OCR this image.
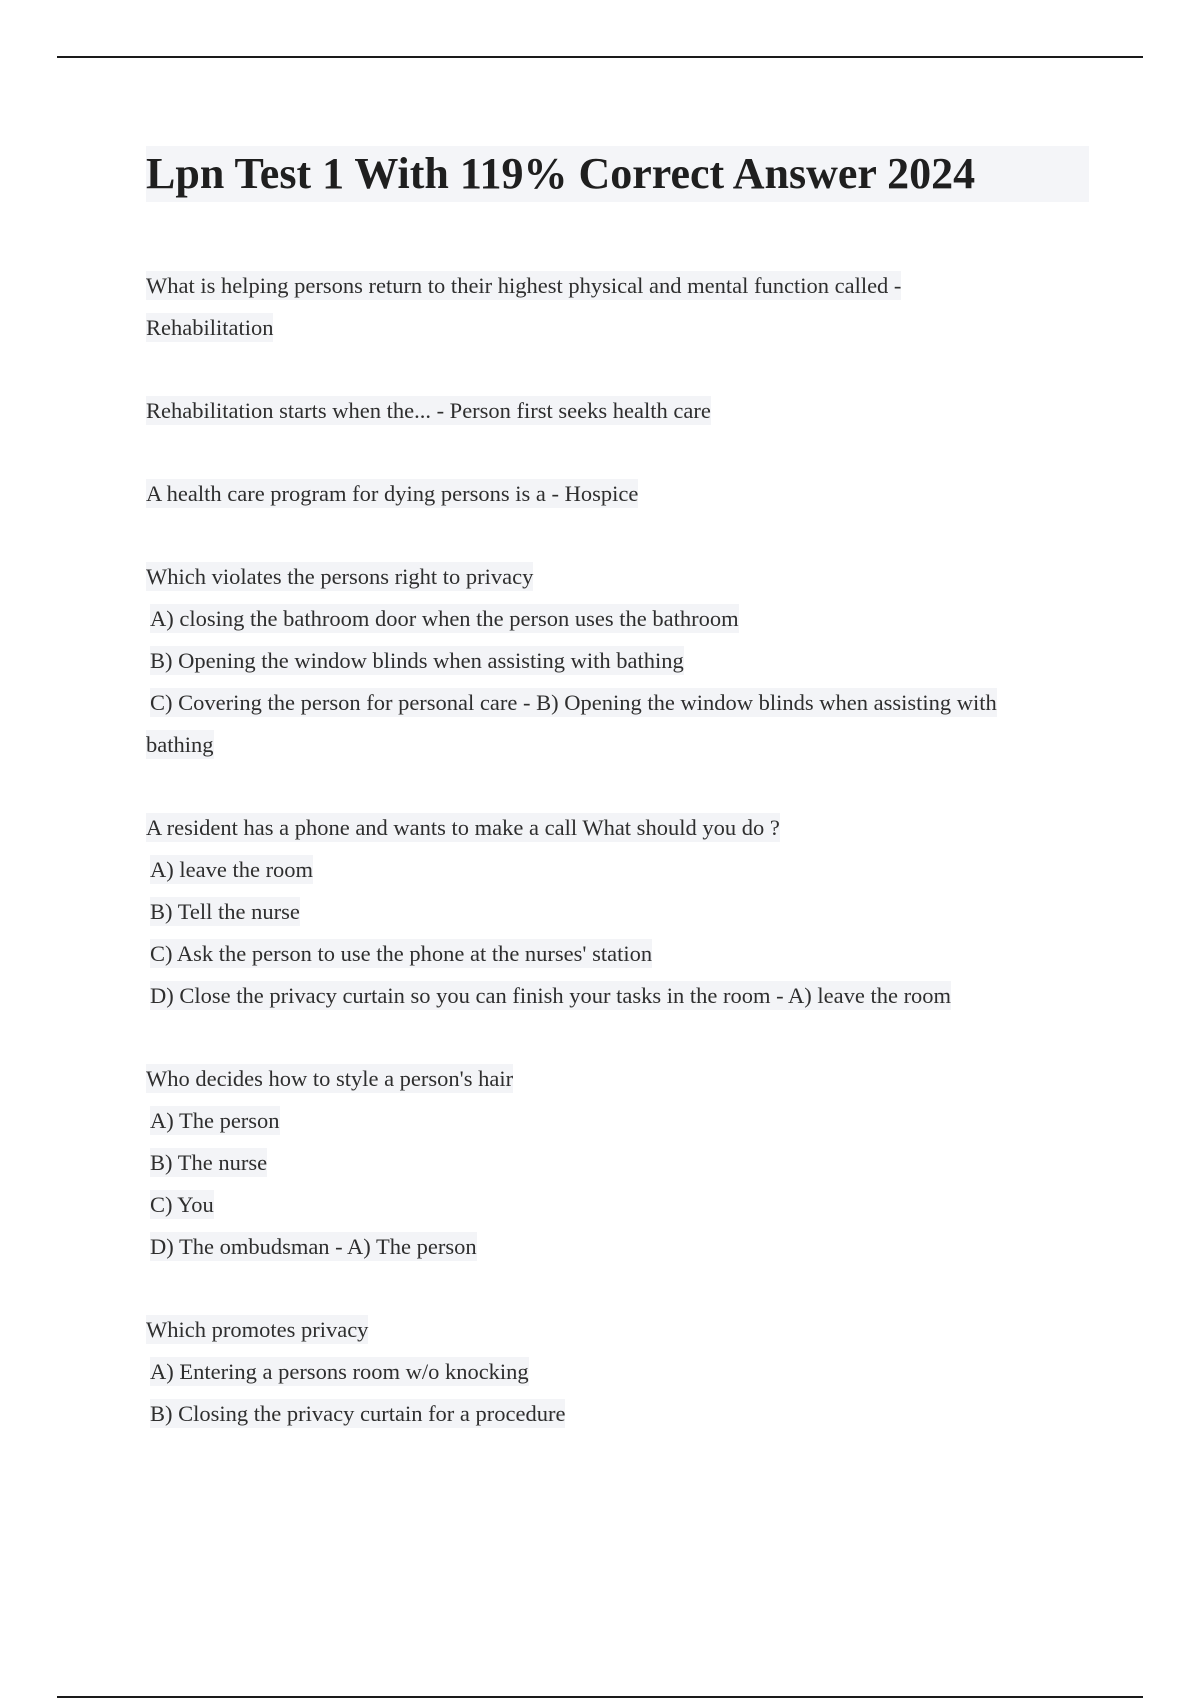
Lpn Test 1 With 119% Correct Answer 2024
What is helping persons return to their highest physical and mental function called -
Rehabilitation
Rehabilitation starts when the... - Person first seeks health care
A health care program for dying persons is a - Hospice
Which violates the persons right to privacy
A) closing the bathroom door when the person uses the bathroom
B) Opening the window blinds when assisting with bathing
C) Covering the person for personal care - B) Opening the window blinds when assisting with
bathing
A resident has a phone and wants to make a call What should you do ?
A) leave the room
B) Tell the nurse
C) Ask the person to use the phone at the nurses' station
D) Close the privacy curtain so you can finish your tasks in the room - A) leave the room
Who decides how to style a person's hair
A) The person
B) The nurse
C) You
D) The ombudsman - A) The person
Which promotes privacy
A) Entering a persons room w/o knocking
B) Closing the privacy curtain for a procedure
